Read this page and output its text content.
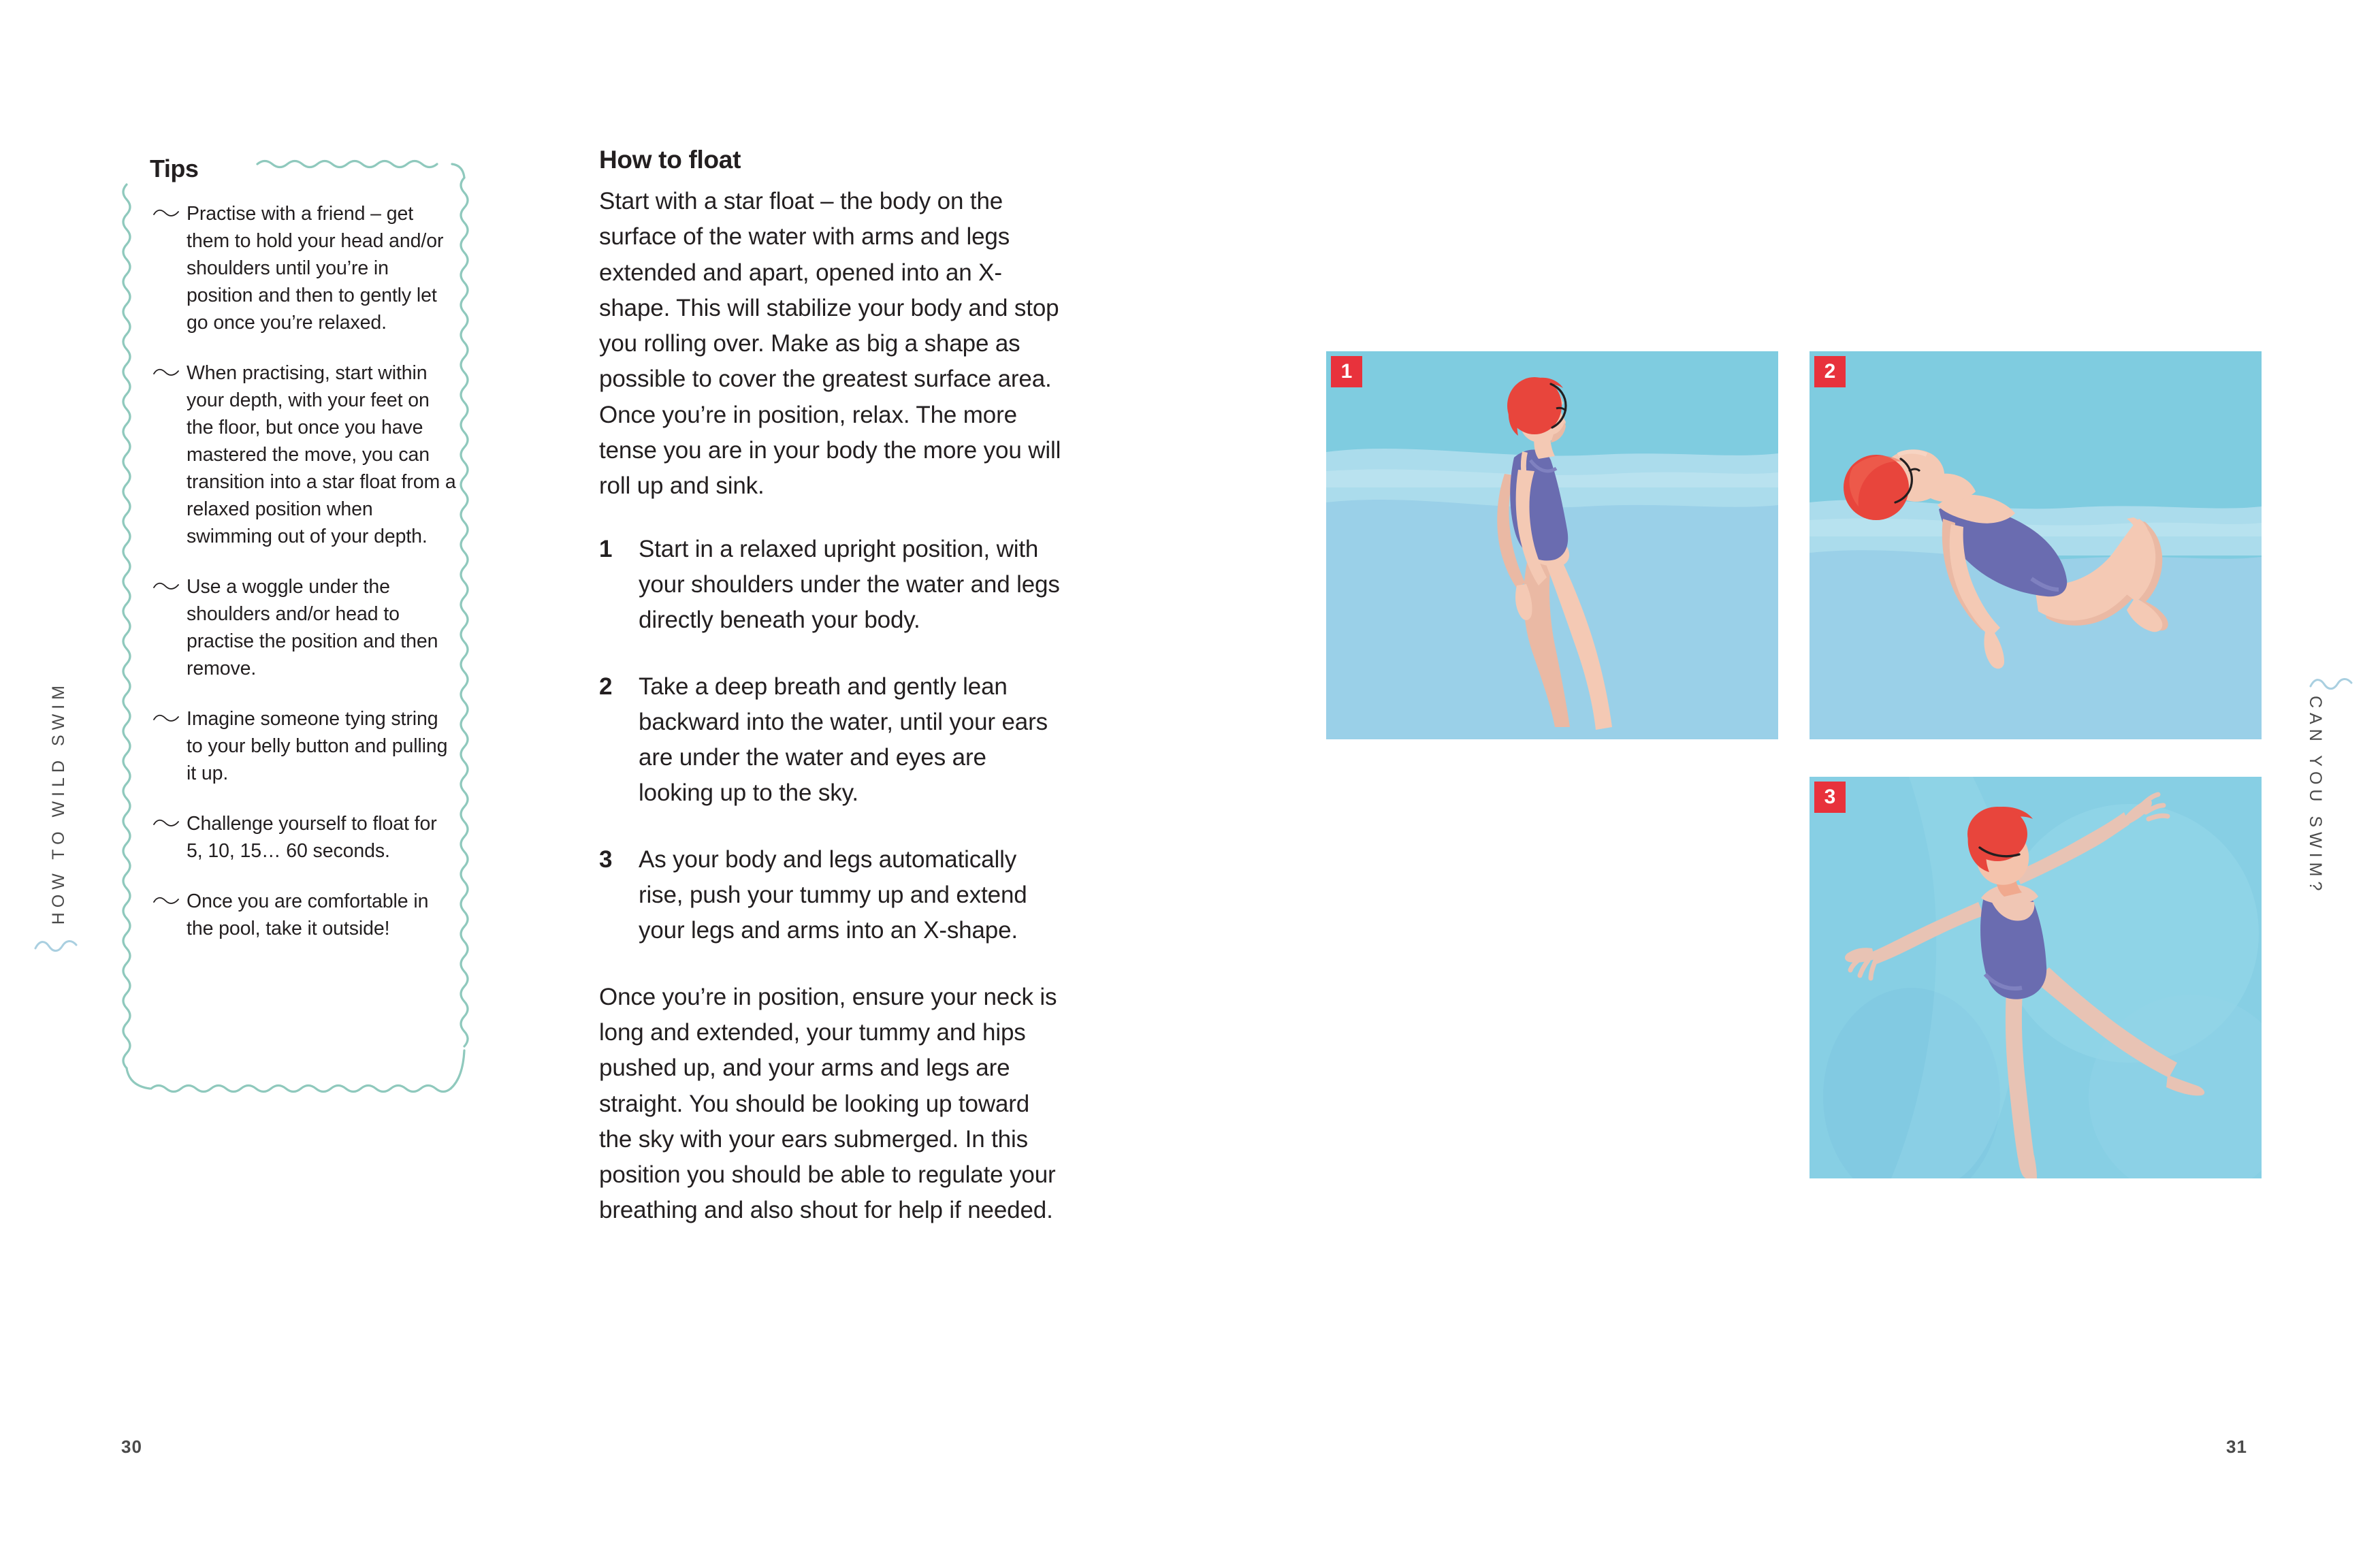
HOW TO WILD SWIM
Tips
Practise with a friend – get them to hold your head and/or shoulders until you’re in position and then to gently let go once you’re relaxed.
When practising, start within your depth, with your feet on the floor, but once you have mastered the move, you can transition into a star float from a relaxed position when swimming out of your depth.
Use a woggle under the shoulders and/or head to practise the position and then remove.
Imagine someone tying string to your belly button and pulling it up.
Challenge yourself to float for 5, 10, 15… 60 seconds.
Once you are comfortable in the pool, take it outside!
30
How to float

Start with a star float – the body on the surface of the water with arms and legs extended and apart, opened into an X-shape. This will stabilize your body and stop you rolling over. Make as big a shape as possible to cover the greatest surface area. Once you’re in position, relax. The more tense you are in your body the more you will roll up and sink.

1 Start in a relaxed upright position, with your shoulders under the water and legs directly beneath your body.
2 Take a deep breath and gently lean backward into the water, until your ears are under the water and eyes are looking up to the sky.
3 As your body and legs automatically rise, push your tummy up and extend your legs and arms into an X-shape.

Once you’re in position, ensure your neck is long and extended, your tummy and hips pushed up, and your arms and legs are straight. You should be looking up toward the sky with your ears submerged. In this position you should be able to regulate your breathing and also shout for help if needed.

1	2
3	CAN YOU SWIM?
31
